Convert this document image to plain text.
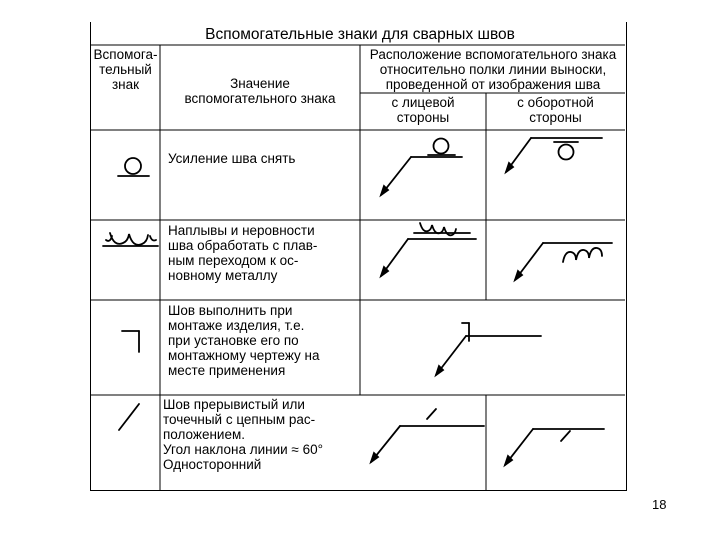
Вспомогательные знаки для сварных швов
Вспомога-
тельный
знак	Значение
вспомогательного знака
Расположение вспомогательного знака
относительно полки линии выноски,
проведенной от изображения шва
с лицевой
стороны
с оборотной
стороны
Усиление шва снять
Наплывы и неровности
шва обработать с плав-
ным переходом к ос-
новному металлу
Шов выполнить при
монтаже изделия, т.е.
при установке его по
монтажному чертежу на
месте применения
Шов прерывистый или
точечный с цепным рас-
положением.
Угол наклона линии ≈ 60°
Односторонний
18
